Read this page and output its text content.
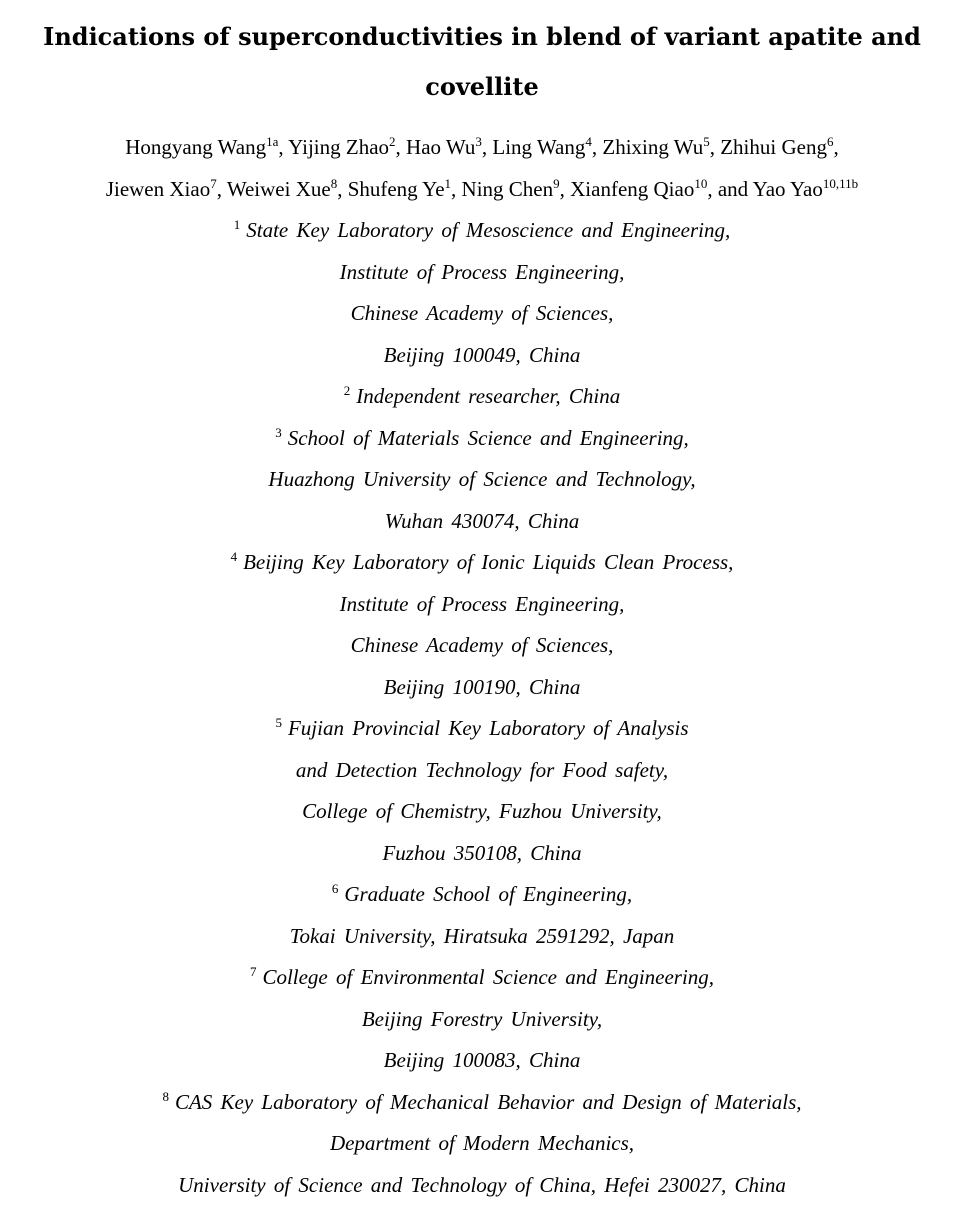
Indications of superconductivities in blend of variant apatite and
covellite
Hongyang Wang$^{1a}$, Yijing Zhao$^2$, Hao Wu$^3$, Ling Wang$^4$, Zhixing Wu$^5$, Zhihui Geng$^6$,
Jiewen Xiao$^7$, Weiwei Xue$^8$, Shufeng Ye$^1$, Ning Chen$^9$, Xianfeng Qiao$^{10}$, and Yao Yao$^{10,11b}$
$^1$ State Key Laboratory of Mesoscience and Engineering,
Institute of Process Engineering,
Chinese Academy of Sciences,
Beijing 100049, China
$^2$ Independent researcher, China
$^3$ School of Materials Science and Engineering,
Huazhong University of Science and Technology,
Wuhan 430074, China
$^4$ Beijing Key Laboratory of Ionic Liquids Clean Process,
Institute of Process Engineering,
Chinese Academy of Sciences,
Beijing 100190, China
$^5$ Fujian Provincial Key Laboratory of Analysis
and Detection Technology for Food safety,
College of Chemistry, Fuzhou University,
Fuzhou 350108, China
$^6$ Graduate School of Engineering,
Tokai University, Hiratsuka 2591292, Japan
$^7$ College of Environmental Science and Engineering,
Beijing Forestry University,
Beijing 100083, China
$^8$ CAS Key Laboratory of Mechanical Behavior and Design of Materials,
Department of Modern Mechanics,
University of Science and Technology of China, Hefei 230027, China
